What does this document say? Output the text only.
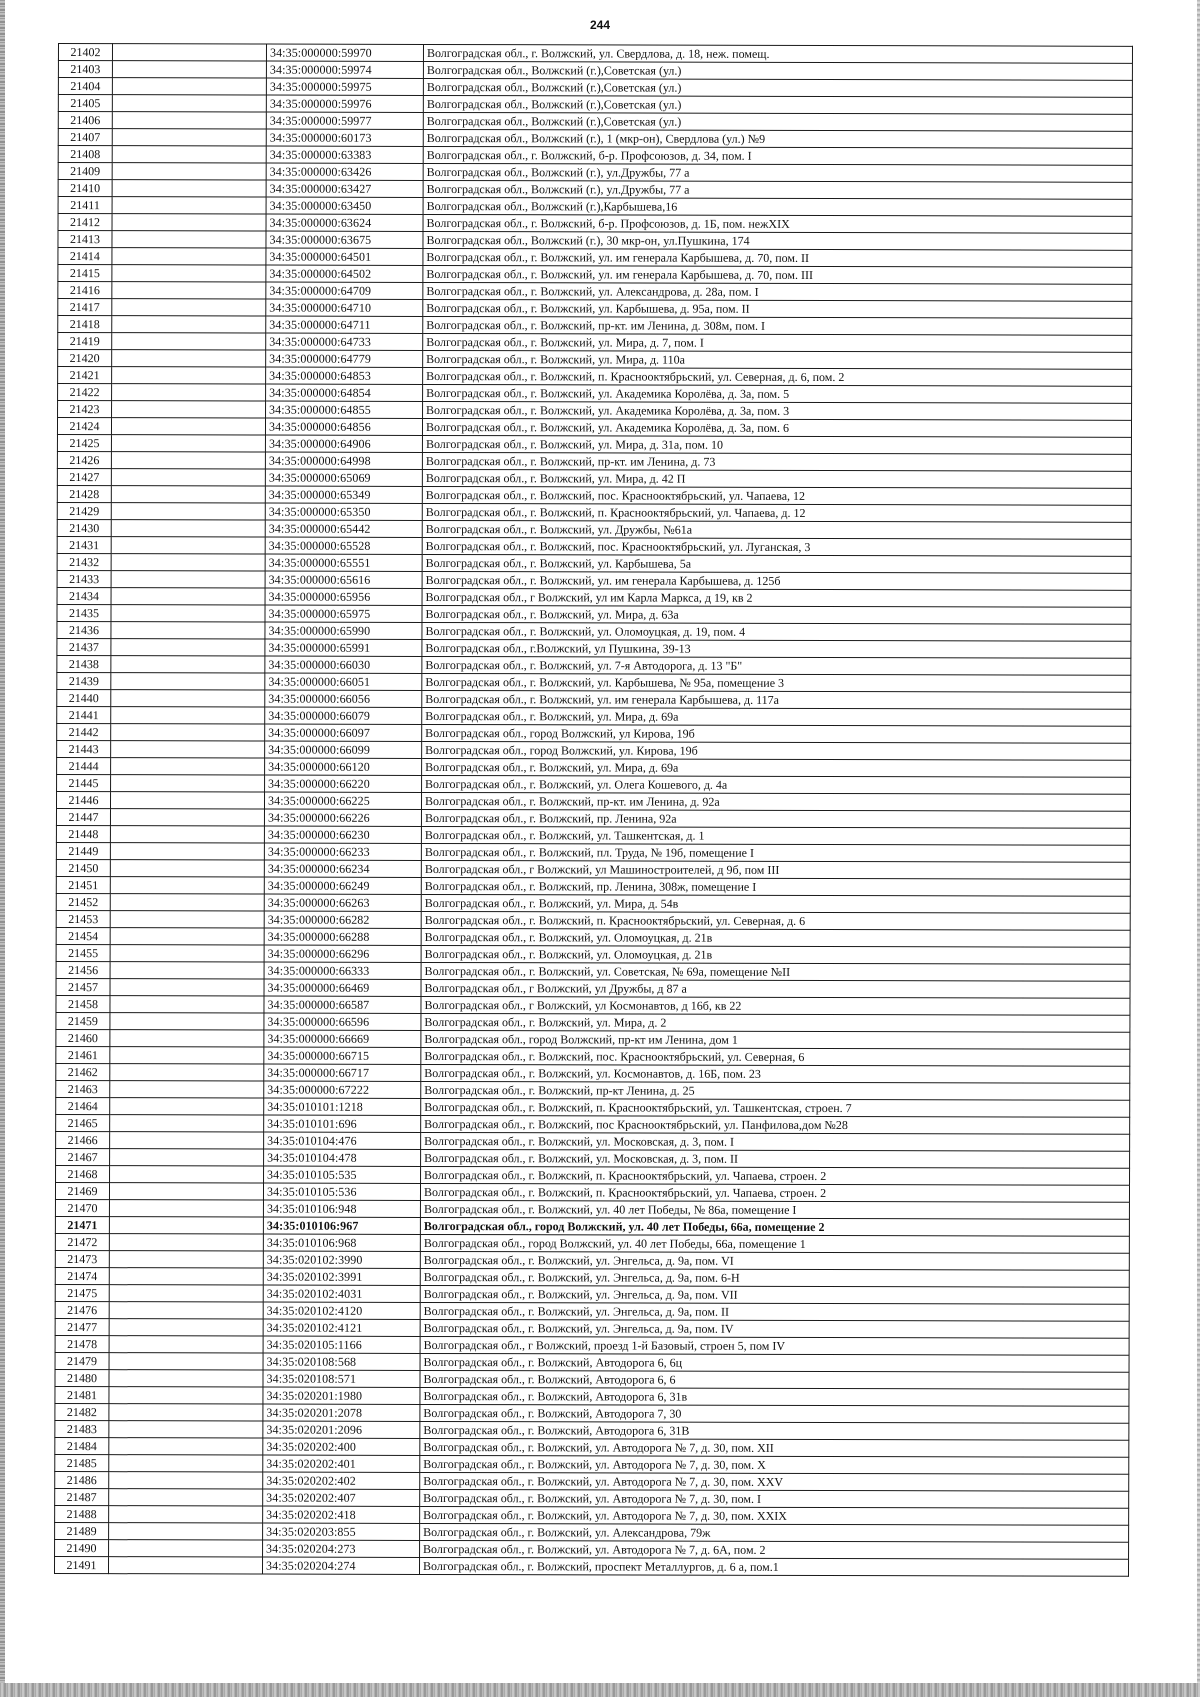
244
21402		34:35:000000:59970	Волгоградская обл., г. Волжский, ул. Свердлова, д. 18, неж. помещ.
21403		34:35:000000:59974	Волгоградская обл., Волжский (г.),Советская (ул.)
21404		34:35:000000:59975	Волгоградская обл., Волжский (г.),Советская (ул.)
21405		34:35:000000:59976	Волгоградская обл., Волжский (г.),Советская (ул.)
21406		34:35:000000:59977	Волгоградская обл., Волжский (г.),Советская (ул.)
21407		34:35:000000:60173	Волгоградская обл., Волжский (г.), 1 (мкр-он), Свердлова (ул.) №9
21408		34:35:000000:63383	Волгоградская обл., г. Волжский, б-р. Профсоюзов, д. 34, пом. I
21409		34:35:000000:63426	Волгоградская обл., Волжский (г.), ул.Дружбы, 77 а
21410		34:35:000000:63427	Волгоградская обл., Волжский (г.), ул.Дружбы, 77 а
21411		34:35:000000:63450	Волгоградская обл., Волжский (г.),Карбышева,16
21412		34:35:000000:63624	Волгоградская обл., г. Волжский, б-р. Профсоюзов, д. 1Б, пом. нежXIX
21413		34:35:000000:63675	Волгоградская обл., Волжский (г.), 30 мкр-он, ул.Пушкина, 174
21414		34:35:000000:64501	Волгоградская обл., г. Волжский, ул. им генерала Карбышева, д. 70, пом. II
21415		34:35:000000:64502	Волгоградская обл., г. Волжский, ул. им генерала Карбышева, д. 70, пом. III
21416		34:35:000000:64709	Волгоградская обл., г. Волжский, ул. Александрова, д. 28а, пом. I
21417		34:35:000000:64710	Волгоградская обл., г. Волжский, ул. Карбышева, д. 95а, пом. II
21418		34:35:000000:64711	Волгоградская обл., г. Волжский, пр-кт. им Ленина, д. 308м, пом. I
21419		34:35:000000:64733	Волгоградская обл., г. Волжский, ул. Мира, д. 7, пом. I
21420		34:35:000000:64779	Волгоградская обл., г. Волжский, ул. Мира, д. 110а
21421		34:35:000000:64853	Волгоградская обл., г. Волжский, п. Краснооктябрьский, ул. Северная, д. 6, пом. 2
21422		34:35:000000:64854	Волгоградская обл., г. Волжский, ул. Академика Королёва, д. 3а, пом. 5
21423		34:35:000000:64855	Волгоградская обл., г. Волжский, ул. Академика Королёва, д. 3а, пом. 3
21424		34:35:000000:64856	Волгоградская обл., г. Волжский, ул. Академика Королёва, д. 3а, пом. 6
21425		34:35:000000:64906	Волгоградская обл., г. Волжский, ул. Мира, д. 31а, пом. 10
21426		34:35:000000:64998	Волгоградская обл., г. Волжский, пр-кт. им Ленина, д. 73
21427		34:35:000000:65069	Волгоградская обл., г. Волжский, ул. Мира, д. 42 П
21428		34:35:000000:65349	Волгоградская обл., г. Волжский, пос. Краснооктябрьский, ул. Чапаева, 12
21429		34:35:000000:65350	Волгоградская обл., г. Волжский, п. Краснооктябрьский, ул. Чапаева, д. 12
21430		34:35:000000:65442	Волгоградская обл., г. Волжский, ул. Дружбы, №61а
21431		34:35:000000:65528	Волгоградская обл., г. Волжский, пос. Краснооктябрьский, ул. Луганская, 3
21432		34:35:000000:65551	Волгоградская обл., г. Волжский, ул. Карбышева, 5а
21433		34:35:000000:65616	Волгоградская обл., г. Волжский, ул. им генерала Карбышева, д. 125б
21434		34:35:000000:65956	Волгоградская обл., г Волжский, ул им Карла Маркса, д 19, кв 2
21435		34:35:000000:65975	Волгоградская обл., г. Волжский, ул. Мира, д. 63а
21436		34:35:000000:65990	Волгоградская обл., г. Волжский, ул. Оломоуцкая, д. 19, пом. 4
21437		34:35:000000:65991	Волгоградская обл., г.Волжский, ул Пушкина, 39-13
21438		34:35:000000:66030	Волгоградская обл., г. Волжский, ул. 7-я Автодорога, д. 13 "Б"
21439		34:35:000000:66051	Волгоградская обл., г. Волжский, ул. Карбышева, № 95а, помещение 3
21440		34:35:000000:66056	Волгоградская обл., г. Волжский, ул. им генерала Карбышева, д. 117а
21441		34:35:000000:66079	Волгоградская обл., г. Волжский, ул. Мира, д. 69а
21442		34:35:000000:66097	Волгоградская обл., город Волжский, ул Кирова, 19б
21443		34:35:000000:66099	Волгоградская обл., город Волжский, ул. Кирова, 19б
21444		34:35:000000:66120	Волгоградская обл., г. Волжский, ул. Мира, д. 69а
21445		34:35:000000:66220	Волгоградская обл., г. Волжский, ул. Олега Кошевого, д. 4а
21446		34:35:000000:66225	Волгоградская обл., г. Волжский, пр-кт. им Ленина, д. 92а
21447		34:35:000000:66226	Волгоградская обл., г. Волжский, пр. Ленина, 92а
21448		34:35:000000:66230	Волгоградская обл., г. Волжский, ул. Ташкентская, д. 1
21449		34:35:000000:66233	Волгоградская обл., г. Волжский, пл. Труда, № 19б, помещение I
21450		34:35:000000:66234	Волгоградская обл., г Волжский, ул Машиностроителей, д 9б, пом III
21451		34:35:000000:66249	Волгоградская обл., г. Волжский, пр. Ленина, 308ж, помещение I
21452		34:35:000000:66263	Волгоградская обл., г. Волжский, ул. Мира, д. 54в
21453		34:35:000000:66282	Волгоградская обл., г. Волжский, п. Краснооктябрьский, ул. Северная, д. 6
21454		34:35:000000:66288	Волгоградская обл., г. Волжский, ул. Оломоуцкая, д. 21в
21455		34:35:000000:66296	Волгоградская обл., г. Волжский, ул. Оломоуцкая, д. 21в
21456		34:35:000000:66333	Волгоградская обл., г. Волжский, ул. Советская, № 69а, помещение №II
21457		34:35:000000:66469	Волгоградская обл., г Волжский, ул Дружбы, д 87 а
21458		34:35:000000:66587	Волгоградская обл., г Волжский, ул Космонавтов, д 16б, кв 22
21459		34:35:000000:66596	Волгоградская обл., г. Волжский, ул. Мира, д. 2
21460		34:35:000000:66669	Волгоградская обл., город Волжский, пр-кт им Ленина, дом 1
21461		34:35:000000:66715	Волгоградская обл., г. Волжский, пос. Краснооктябрьский, ул. Северная, 6
21462		34:35:000000:66717	Волгоградская обл., г. Волжский, ул. Космонавтов, д. 16Б, пом. 23
21463		34:35:000000:67222	Волгоградская обл., г. Волжский, пр-кт Ленина, д. 25
21464		34:35:010101:1218	Волгоградская обл., г. Волжский, п. Краснооктябрьский, ул. Ташкентская, строен. 7
21465		34:35:010101:696	Волгоградская обл., г. Волжский, пос Краснооктябрьский, ул. Панфилова,дом №28
21466		34:35:010104:476	Волгоградская обл., г. Волжский, ул. Московская, д. 3, пом. I
21467		34:35:010104:478	Волгоградская обл., г. Волжский, ул. Московская, д. 3, пом. II
21468		34:35:010105:535	Волгоградская обл., г. Волжский, п. Краснооктябрьский, ул. Чапаева, строен. 2
21469		34:35:010105:536	Волгоградская обл., г. Волжский, п. Краснооктябрьский, ул. Чапаева, строен. 2
21470		34:35:010106:948	Волгоградская обл., г. Волжский, ул. 40 лет Победы, № 86а, помещение I
21471		34:35:010106:967	Волгоградская обл., город Волжский, ул. 40 лет Победы, 66а, помещение 2
21472		34:35:010106:968	Волгоградская обл., город Волжский, ул. 40 лет Победы, 66а, помещение 1
21473		34:35:020102:3990	Волгоградская обл., г. Волжский, ул. Энгельса, д. 9а, пом. VI
21474		34:35:020102:3991	Волгоградская обл., г. Волжский, ул. Энгельса, д. 9а, пом. 6-Н
21475		34:35:020102:4031	Волгоградская обл., г. Волжский, ул. Энгельса, д. 9а, пом. VII
21476		34:35:020102:4120	Волгоградская обл., г. Волжский, ул. Энгельса, д. 9а, пом. II
21477		34:35:020102:4121	Волгоградская обл., г. Волжский, ул. Энгельса, д. 9а, пом. IV
21478		34:35:020105:1166	Волгоградская обл., г Волжский, проезд 1-й Базовый, строен 5, пом IV
21479		34:35:020108:568	Волгоградская обл., г. Волжский, Автодорога 6, 6ц
21480		34:35:020108:571	Волгоградская обл., г. Волжский, Автодорога 6, 6
21481		34:35:020201:1980	Волгоградская обл., г. Волжский, Автодорога 6, 31в
21482		34:35:020201:2078	Волгоградская обл., г. Волжский, Автодорога 7, 30
21483		34:35:020201:2096	Волгоградская обл., г. Волжский, Автодорога 6, 31В
21484		34:35:020202:400	Волгоградская обл., г. Волжский, ул. Автодорога № 7, д. 30, пом. XII
21485		34:35:020202:401	Волгоградская обл., г. Волжский, ул. Автодорога № 7, д. 30, пом. X
21486		34:35:020202:402	Волгоградская обл., г. Волжский, ул. Автодорога № 7, д. 30, пом. XXV
21487		34:35:020202:407	Волгоградская обл., г. Волжский, ул. Автодорога № 7, д. 30, пом. I
21488		34:35:020202:418	Волгоградская обл., г. Волжский, ул. Автодорога № 7, д. 30, пом. XXIX
21489		34:35:020203:855	Волгоградская обл., г. Волжский, ул. Александрова, 79ж
21490		34:35:020204:273	Волгоградская обл., г. Волжский, ул. Автодорога № 7, д. 6А, пом. 2
21491		34:35:020204:274	Волгоградская обл., г. Волжский, проспект Металлургов, д. 6 а, пом.1
